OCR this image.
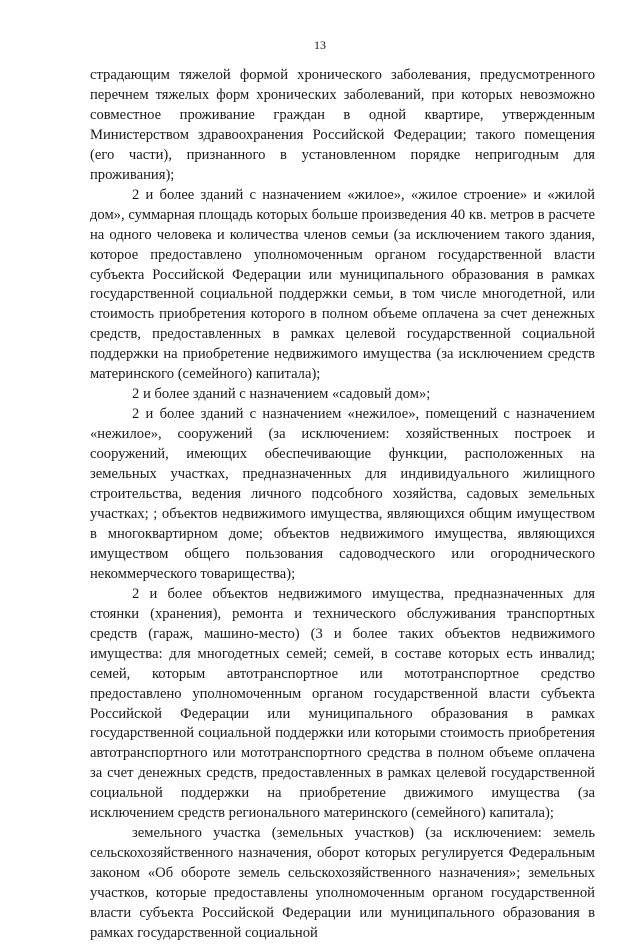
13

страдающим тяжелой формой хронического заболевания, предусмотренного перечнем тяжелых форм хронических заболеваний, при которых невозможно совместное проживание граждан в одной квартире, утвержденным Министерством здравоохранения Российской Федерации; такого помещения (его части), признанного в установленном порядке непригодным для проживания);

2 и более зданий с назначением «жилое», «жилое строение» и «жилой дом», суммарная площадь которых больше произведения 40 кв. метров в расчете на одного человека и количества членов семьи (за исключением такого здания, которое предоставлено уполномоченным органом государственной власти субъекта Российской Федерации или муниципального образования в рамках государственной социальной поддержки семьи, в том числе многодетной, или стоимость приобретения которого в полном объеме оплачена за счет денежных средств, предоставленных в рамках целевой государственной социальной поддержки на приобретение недвижимого имущества (за исключением средств материнского (семейного) капитала);

2 и более зданий с назначением «садовый дом»;

2 и более зданий с назначением «нежилое», помещений с назначением «нежилое», сооружений (за исключением: хозяйственных построек и сооружений, имеющих обеспечивающие функции, расположенных на земельных участках, предназначенных для индивидуального жилищного строительства, ведения личного подсобного хозяйства, садовых земельных участках; ; объектов недвижимого имущества, являющихся общим имуществом в многоквартирном доме; объектов недвижимого имущества, являющихся имуществом общего пользования садоводческого или огороднического некоммерческого товарищества);

2 и более объектов недвижимого имущества, предназначенных для стоянки (хранения), ремонта и технического обслуживания транспортных средств (гараж, машино-место) (3 и более таких объектов недвижимого имущества: для многодетных семей; семей, в составе которых есть инвалид; семей, которым автотранспортное или мототранспортное средство предоставлено уполномоченным органом государственной власти субъекта Российской Федерации или муниципального образования в рамках государственной социальной поддержки или которыми стоимость приобретения автотранспортного или мототранспортного средства в полном объеме оплачена за счет денежных средств, предоставленных в рамках целевой государственной социальной поддержки на приобретение движимого имущества (за исключением средств регионального материнского (семейного) капитала);

земельного участка (земельных участков) (за исключением: земель сельскохозяйственного назначения, оборот которых регулируется Федеральным законом «Об обороте земель сельскохозяйственного назначения»; земельных участков, которые предоставлены уполномоченным органом государственной власти субъекта Российской Федерации или муниципального образования в рамках государственной социальной
